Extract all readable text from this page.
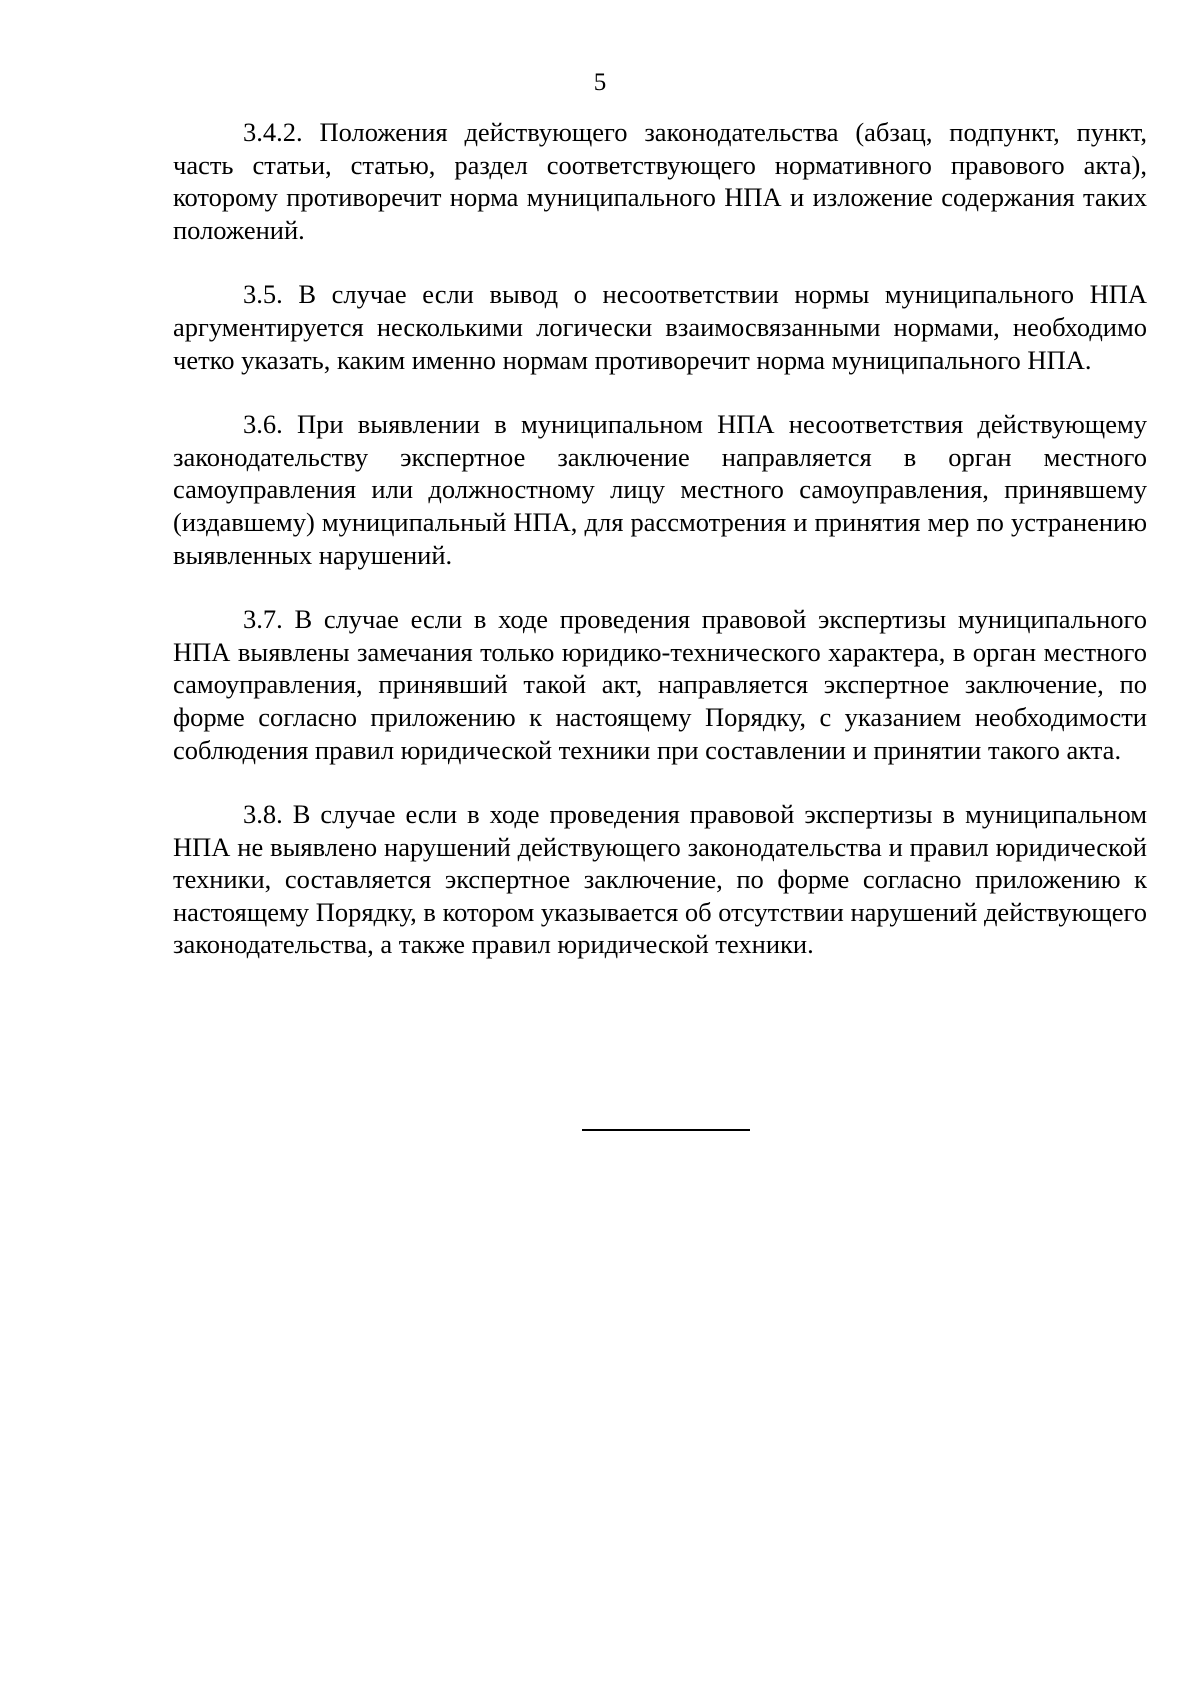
5

3.4.2. Положения действующего законодательства (абзац, подпункт, пункт, часть статьи, статью, раздел соответствующего нормативного правового акта), которому противоречит норма муниципального НПА и изложение содержания таких положений.

3.5. В случае если вывод о несоответствии нормы муниципального НПА аргументируется несколькими логически взаимосвязанными нормами, необходимо четко указать, каким именно нормам противоречит норма муниципального НПА.

3.6. При выявлении в муниципальном НПА несоответствия действующему законодательству экспертное заключение направляется в орган местного самоуправления или должностному лицу местного самоуправления, принявшему (издавшему) муниципальный НПА, для рассмотрения и принятия мер по устранению выявленных нарушений.

3.7. В случае если в ходе проведения правовой экспертизы муниципального НПА выявлены замечания только юридико-технического характера, в орган местного самоуправления, принявший такой акт, направляется экспертное заключение, по форме согласно приложению к настоящему Порядку, с указанием необходимости соблюдения правил юридической техники при составлении и принятии такого акта.

3.8. В случае если в ходе проведения правовой экспертизы в муниципальном НПА не выявлено нарушений действующего законодательства и правил юридической техники, составляется экспертное заключение, по форме согласно приложению к настоящему Порядку, в котором указывается об отсутствии нарушений действующего законодательства, а также правил юридической техники.
